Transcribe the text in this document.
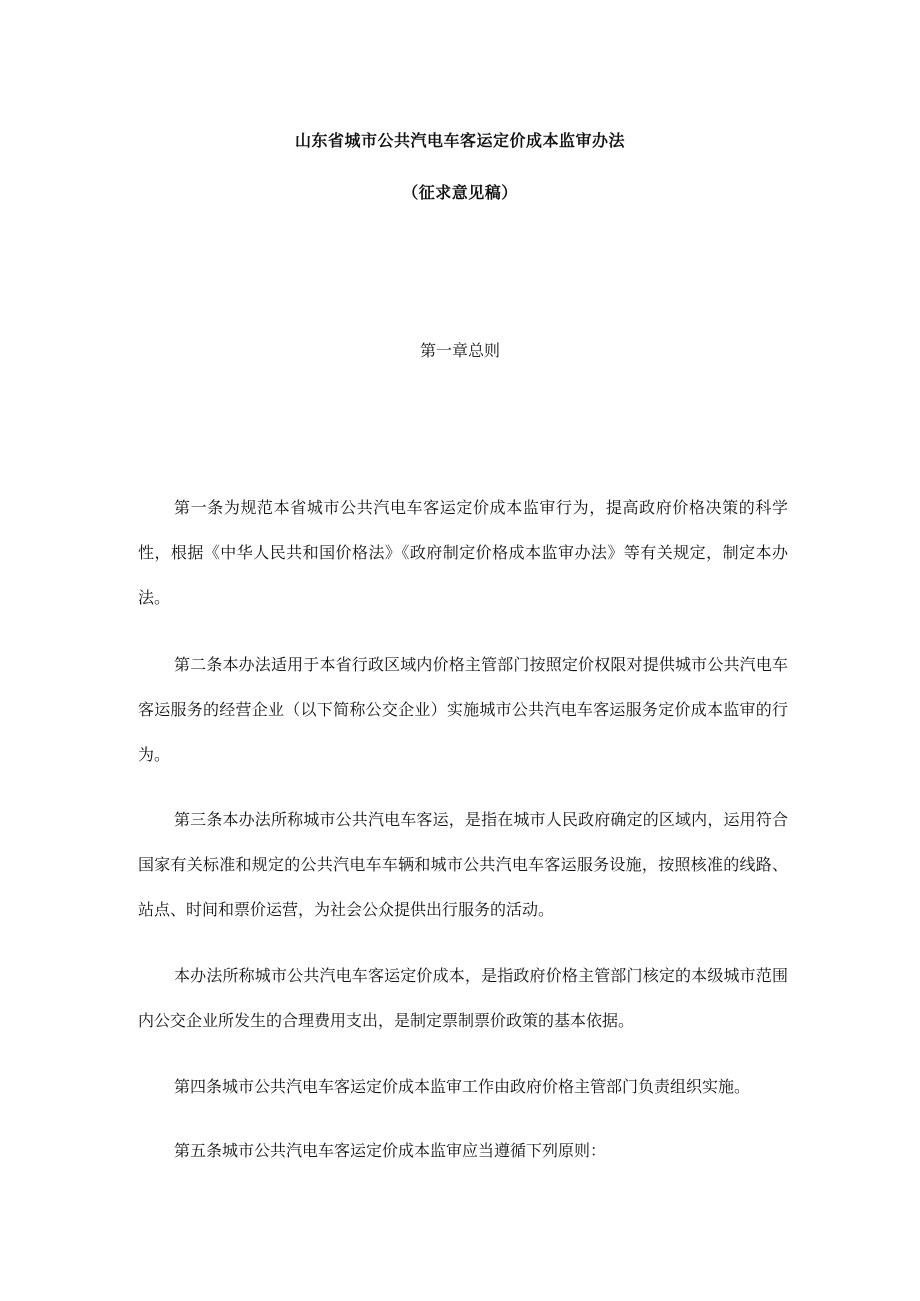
山东省城市公共汽电车客运定价成本监审办法
（征求意见稿）
第一章总则

第一条为规范本省城市公共汽电车客运定价成本监审行为，提高政府价格决策的科学性，根据《中华人民共和国价格法》《政府制定价格成本监审办法》等有关规定，制定本办法。

第二条本办法适用于本省行政区域内价格主管部门按照定价权限对提供城市公共汽电车客运服务的经营企业（以下简称公交企业）实施城市公共汽电车客运服务定价成本监审的行为。

第三条本办法所称城市公共汽电车客运，是指在城市人民政府确定的区域内，运用符合国家有关标准和规定的公共汽电车车辆和城市公共汽电车客运服务设施，按照核准的线路、站点、时间和票价运营，为社会公众提供出行服务的活动。

本办法所称城市公共汽电车客运定价成本，是指政府价格主管部门核定的本级城市范围内公交企业所发生的合理费用支出，是制定票制票价政策的基本依据。

第四条城市公共汽电车客运定价成本监审工作由政府价格主管部门负责组织实施。

第五条城市公共汽电车客运定价成本监审应当遵循下列原则：
